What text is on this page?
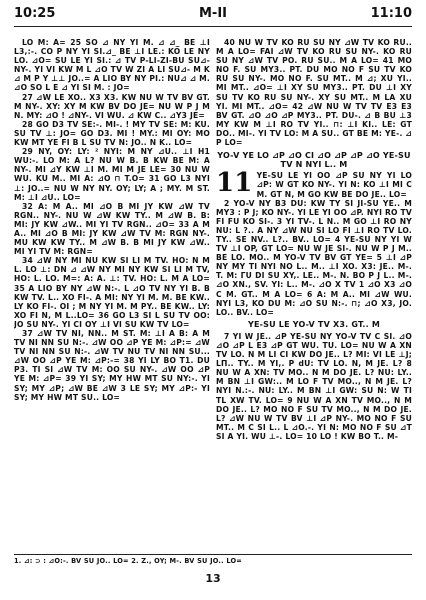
10:25	M-ΙΙ	11:10

LO M: A= 25 SO ⊿ NY YI M. ⊿ ⊿_ BE ⊥Ι L3,:-. CO P NY YI SI.⊿_ BE ⊥Ι LE.: KO LE NY LO. ⊿O= SU LE YI SI.: ⊿ TV P-LI-ZI-BU SU⊿- NY-. YI VI KW M L ⊿O TV W ZI A LI SU⊿- M K ⊿ M P Y ⊥⊥ JO..= A LIO BY NY PI.: NU⊿ ⊿ M. ⊿O SO L E ⊿ YI SI M. : JO=

27 ⊿W LE XO.. X3 X3. KW NU W TV BV GT. M NY-. XY: XY M KW BV DO JE= NU W P J M N. MY: ⊿O ! ⊿NY-. VI WU. ⊿ KW C.. ⊿Y3 JE=

28 GO D3 TV SE:-. MI-. ! MY TV SE: M: KU. SU TV ⊥: JO= GO D3. MI ! MY.: MI OY: MO KW MT YE FI B L SU TV N: JO.. N K.. LO=

29 NY, OY: LY: ² NYI: M NY ⊿U.. ⊥Ι H1 WU:-. LO M: A L? NU W B. B KW BE M: A NY-. MI ⊿Y KW ⊥Ι M. MI M JE LE= 30 NU W WU. KU M.. MI A: ⊿O ⊓ T.O= 31 GO L3 NYI ⊥: JO..= NU W NY NY. OY; LY; A ; MY. M ST. M: ⊥Ι ⊿U.. LO=

32 A: M A.. MI ⊿O B MI JY KW ⊿W TV RGN.. NY-. NU W ⊿W KW TY.. M ⊿W B. B: MI: JY KW ⊿W.. MI YI TV RGN.. ⊿O= 33 A M A.. MI ⊿O B MI: JY KW ⊿W TV M: RGN NY-. MU KW KW TY.. M ⊿W B. B MI JY KW ⊿W.. MI YI TV M: RGN=

34 ⊿W NY MI NU KW SI LI M TV. HO: N M L. LO ⊥: DN ⊿ ⊿W NY MI NY KW SI LI M TV, HO: L. LO. M=: A: A. ⊥: TV. HO: L. M A LO= 35 A LIO BY NY ⊿W N:-. L ⊿O TV NY YI B. B KW TV. L.. XO FI-. A MI: NY YI M. M. BE KW.. LY KO FI-. OI ; M NY YI M. M PY.. BE KW.. LY: XO FI N, M L..LO= 36 GO L3 SI L SU TV OO: JO SU NY-. YI CI OY ⊥Ι VI SU KW TV LO=

37 ⊿W TV NI, NN.. M ST. M: ⊥Ι A B: A M TV NI NN SU N:-. ⊿W OO ⊿P YE M: ⊿P:= ⊿W TV NI NN SU N:-. ⊿W TV NU TV NI NN SU... ⊿W OO ⊿P YE M: ⊿P:-= 38 YI LY BO T1. DU P3. TI SI ⊿W TV M: OO SU NY-. ⊿W OO ⊿P YE M: ⊿P= 39 YI SY; MY HW MT SU NY:-. YI SY; MY ⊿P; ⊿W BE ⊿W 3 LE SY; MY ⊿P:- YI SY; MY HW MT SU.. LO=

40 NU W TV KO RU SU NY ⊿W TV KO RU.. M A LO= FAI ⊿W TV KO RU SU NY-. KO RU SU NY ⊿W TV PO. RU SU.. M A LO= 41 MO NO F. SU MY3.. PT. DU MO NO F SU TV KO RU SU NY-. MO NO F. SU MT.. M ⊿; XU YI.. MI MT.. ⊿O= ⊥Ι XY SU MY3.. PT. DU ⊥Ι XY SU TV KO RU SU NY-. XY SU MT.. M LA XU YI. MI MT.. ⊿O= 42 ⊿W NU W TV TV E3 E3 BV GT. ⊿O ⊿O ⊿P MY3.. PT. DU-. ⊿ B BU ⊥3 MY KW M ⊥Ι RO TV YI.. ⊓: ⊥Ι KI.. LE: GT DO.. MI-. YI TV LO: M A SU.. GT BE M: YE-. ⊿ P LO=

YO-V YE LO ⊿P ⊿O CI ⊿O ⊿P ⊿P ⊿O YE-SU TV N NYI L.. M
11 YE-SU LE YI OO ⊿P SU NY YI LO ⊿P: W GT KO NY-. YI N: KO ⊥Ι MI C M. GT N, M GO KW BE DO JE.. LO=

2 YO-V NY B3 DU: KW TY SI JI-SU YE.. M MY3 : P J; KO NY-. YI LE YI OO ⊿P. NYI RO TV FI FU KO SI-. 3 YI TV-. L N.. M GO ⊥Ι RO NY NU: L ?.. A NY ⊿W NU SI LO FI ⊥Ι RO TV LO. TY.. SE NV.. L?.. BV.. LO= 4 YE-SU NY YI W TV ⊥Ι OP, GT LO= NU W JE SI-. NU W P J M.. BE LO. MO.. M YO-V TV BV GT YE= 5 ⊥Ι ⊿P NY MY TI NYI NO L.. M.. ⊥Ι XO. X3: JE.. M-. T. M: ГU DI SU XY,. LE.. M-. N. BO P J L.. M-. ⊿O XN., SV. YI: L.. M-. ⊿O X TV 1 ⊿O X3 ⊿O C M. GT.. M A LO= 6 A: M A.. MI ⊿W WU. NYI L3, KO DU M: ⊿O SU N:-. ⊓; ⊿O X3, JO. LO.. BV.. LO=

YE-SU LE YO-V TV X3. GT.. M

7 YI W JE.. ⊿P YE-SU NY YO-V TV C SI. ⊿O ⊿O ⊿P L E3 ⊿P GT WU. TU. LO= NU W A XN TV LO. N M LI CI KW DO JE.. L? MI: VI LE ⊥J; LΠ.. TY.. M YI,. P dU: TV LO. N, M JE. L? 8 NU W A XN: TV MO.. N M DO JE. L? NU: LY.. M BN ⊥Ι GW:.. M LO F TV MO.., N M JE. L? NYI N.:-. NU: LY.. M BN ⊥Ι GW: SU N: W TI TL XW TV. LO= 9 NU W A XN TV MO.., N M DO JE.. L? MO NO F SU TV MO.., N M DO JE. L? ⊿W NU W TV BV ⊥Ι ⊿P NY-. MO NO F SU MT.. M C SI L.. L ⊿O.-. YI N: MO NO F SU ⊿T SI A YI. WU ⊥-. LO= 10 LO ! KW BO T.. M-

1. ⊿: ⊃ : ⊿O:-. BV SU JO.. LO= 2. Z., OY; M-. BV SU JO.. LO=
13
